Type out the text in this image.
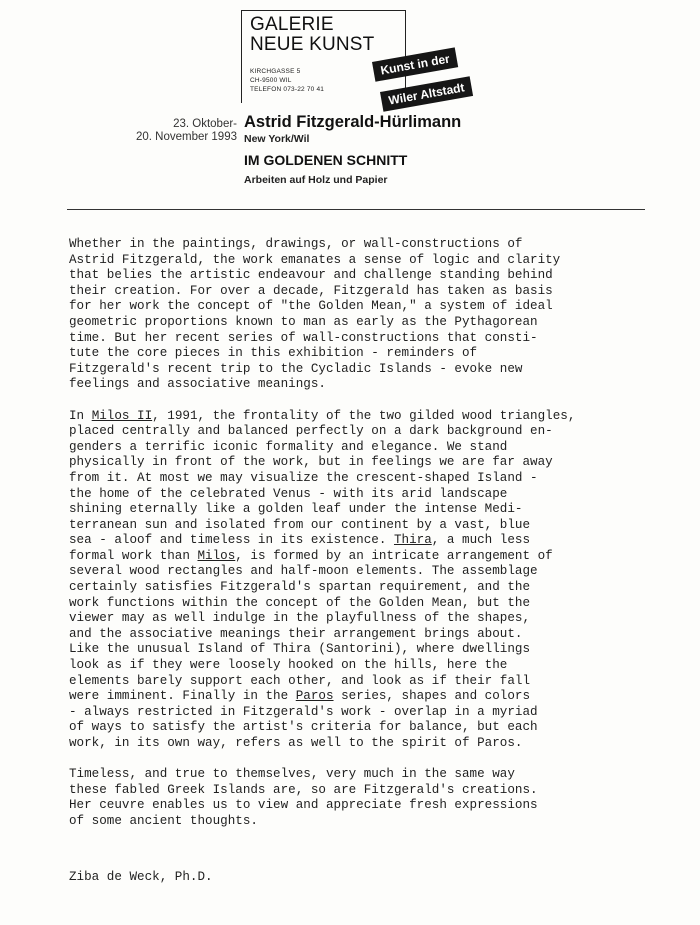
GALERIE
NEUE KUNST
KIRCHGASSE 5
CH-9500 WIL
TELEFON 073-22 70 41
Kunst in der
Wiler Altstadt
23. Oktober-
20. November 1993
Astrid Fitzgerald-Hürlimann
New York/Wil
IM GOLDENEN SCHNITT
Arbeiten auf Holz und Papier

Whether in the paintings, drawings, or wall-constructions of
Astrid Fitzgerald, the work emanates a sense of logic and clarity
that belies the artistic endeavour and challenge standing behind
their creation. For over a decade, Fitzgerald has taken as basis
for her work the concept of "the Golden Mean," a system of ideal
geometric proportions known to man as early as the Pythagorean
time. But her recent series of wall-constructions that consti-
tute the core pieces in this exhibition - reminders of
Fitzgerald's recent trip to the Cycladic Islands - evoke new
feelings and associative meanings.

In Milos II, 1991, the frontality of the two gilded wood triangles,
placed centrally and balanced perfectly on a dark background en-
genders a terrific iconic formality and elegance. We stand
physically in front of the work, but in feelings we are far away
from it. At most we may visualize the crescent-shaped Island -
the home of the celebrated Venus - with its arid landscape
shining eternally like a golden leaf under the intense Medi-
terranean sun and isolated from our continent by a vast, blue
sea - aloof and timeless in its existence. Thira, a much less
formal work than Milos, is formed by an intricate arrangement of
several wood rectangles and half-moon elements. The assemblage
certainly satisfies Fitzgerald's spartan requirement, and the
work functions within the concept of the Golden Mean, but the
viewer may as well indulge in the playfullness of the shapes,
and the associative meanings their arrangement brings about.
Like the unusual Island of Thira (Santorini), where dwellings
look as if they were loosely hooked on the hills, here the
elements barely support each other, and look as if their fall
were imminent. Finally in the Paros series, shapes and colors
- always restricted in Fitzgerald's work - overlap in a myriad
of ways to satisfy the artist's criteria for balance, but each
work, in its own way, refers as well to the spirit of Paros.

Timeless, and true to themselves, very much in the same way
these fabled Greek Islands are, so are Fitzgerald's creations.
Her ceuvre enables us to view and appreciate fresh expressions
of some ancient thoughts.

Ziba de Weck, Ph.D.
